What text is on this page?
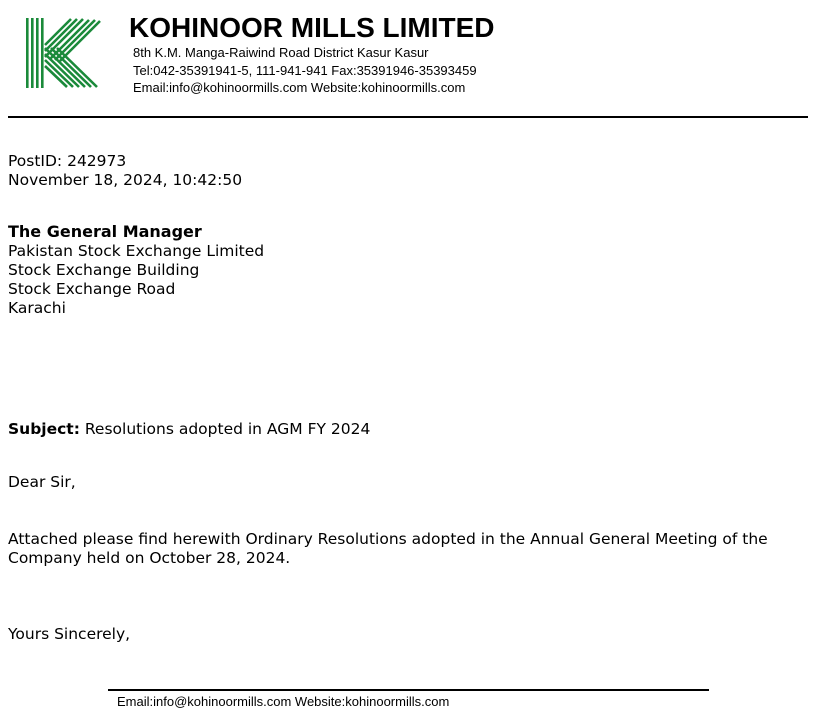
KOHINOOR MILLS LIMITED
8th K.M. Manga-Raiwind Road District Kasur Kasur
Tel:042-35391941-5, 111-941-941 Fax:35391946-35393459
Email:info@kohinoormills.com Website:kohinoormills.com
PostID: 242973
November 18, 2024, 10:42:50
The General Manager
Pakistan Stock Exchange Limited
Stock Exchange Building
Stock Exchange Road
Karachi
Subject: Resolutions adopted in AGM FY 2024
Dear Sir,
Attached please find herewith Ordinary Resolutions adopted in the Annual General Meeting of the Company held on October 28, 2024.
Yours Sincerely,
Email:info@kohinoormills.com Website:kohinoormills.com
